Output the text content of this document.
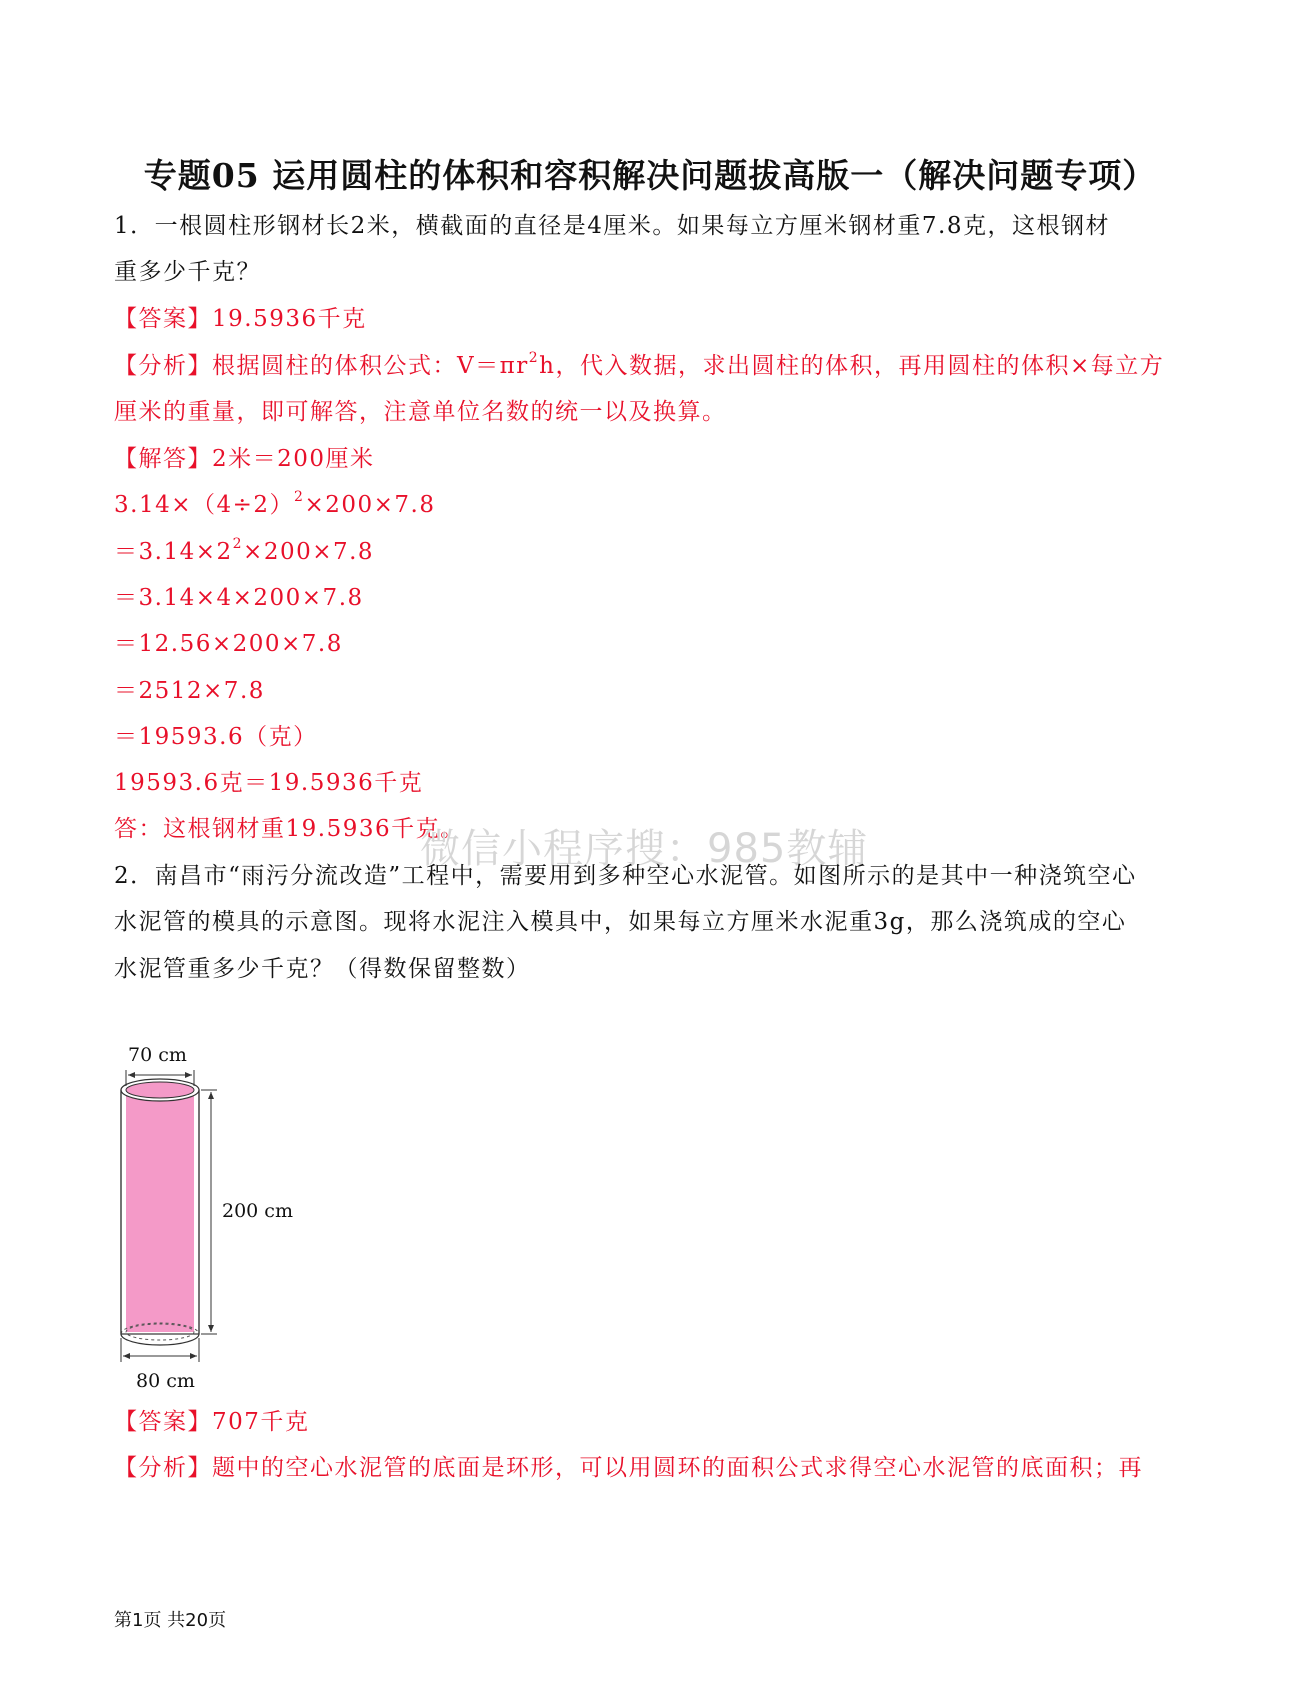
专题05 运用圆柱的体积和容积解决问题拔高版一（解决问题专项）
1．一根圆柱形钢材长2米，横截面的直径是4厘米。如果每立方厘米钢材重7.8克，这根钢材
重多少千克？
【答案】19.5936千克
【分析】根据圆柱的体积公式：$V=\pi r^2h$，代入数据，求出圆柱的体积，再用圆柱的体积×每立方
厘米的重量，即可解答，注意单位名数的统一以及换算。
【解答】2米＝200厘米
$3.14\times(4\div 2)^2\times 200\times 7.8$
$=3.14\times 2^2\times 200\times 7.8$
＝3.14×4×200×7.8
＝12.56×200×7.8
＝2512×7.8
＝19593.6（克）
19593.6克＝19.5936千克
答：这根钢材重19.5936千克。
微信小程序搜：985教辅
2．南昌市“雨污分流改造”工程中，需要用到多种空心水泥管。如图所示的是其中一种浇筑空心
水泥管的模具的示意图。现将水泥注入模具中，如果每立方厘米水泥重3g，那么浇筑成的空心
水泥管重多少千克？（得数保留整数）
70 cm
200 cm
80 cm
【答案】707千克
【分析】题中的空心水泥管的底面是环形，可以用圆环的面积公式求得空心水泥管的底面积；再
第1页 共20页
